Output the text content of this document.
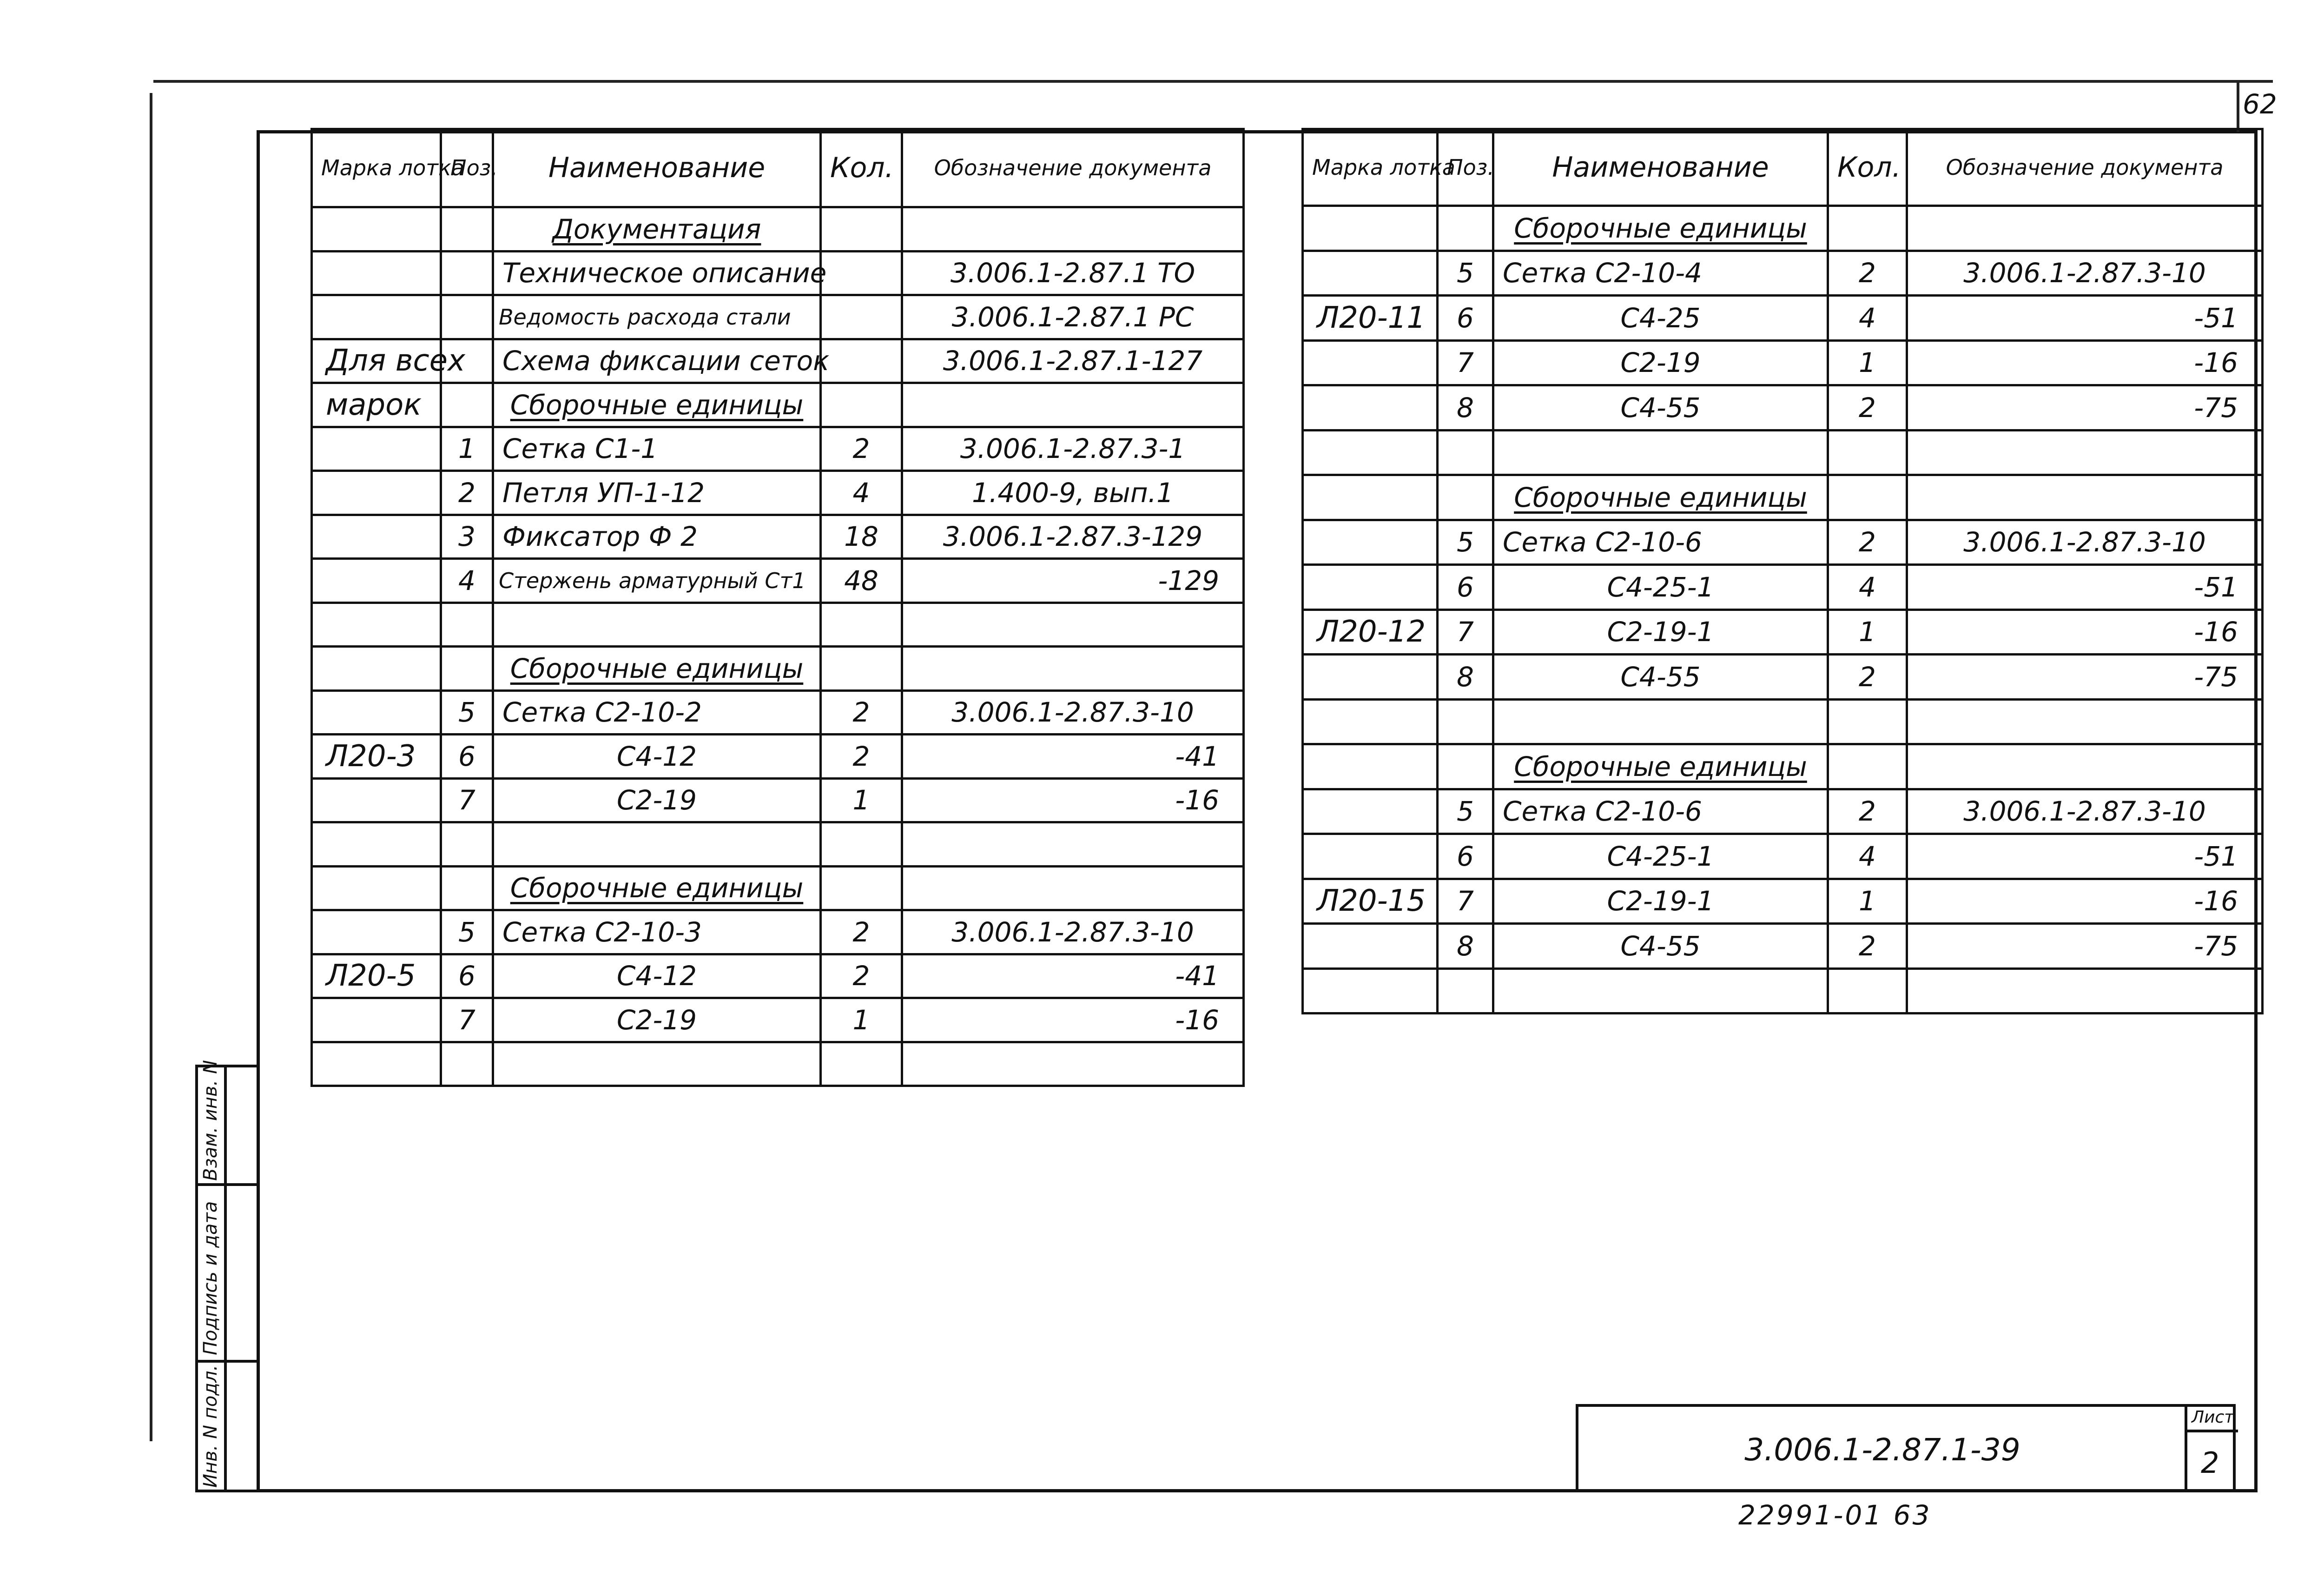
62
Взам. инв. N
Подпись и дата
Инв. N подл.
Марка лотка	Поз.	Наименование	Кол.	Обозначение документа
		Документация		
		Техническое описание		3.006.1-2.87.1 ТО
		Ведомость расхода стали		3.006.1-2.87.1 РС
Для всех		Схема фиксации сеток		3.006.1-2.87.1-127
марок		Сборочные единицы		
	1	Сетка С1-1	2	3.006.1-2.87.3-1
	2	Петля УП-1-12	4	1.400-9, вып.1
	3	Фиксатор Ф 2	18	3.006.1-2.87.3-129
	4	Стержень арматурный Ст1	48	-129

		Сборочные единицы		
	5	Сетка С2-10-2	2	3.006.1-2.87.3-10
Л20-3	6	С4-12	2	-41
	7	С2-19	1	-16

		Сборочные единицы		
	5	Сетка С2-10-3	2	3.006.1-2.87.3-10
Л20-5	6	С4-12	2	-41
	7	С2-19	1	-16

Марка лотка	Поз.	Наименование	Кол.	Обозначение документа
		Сборочные единицы		
	5	Сетка С2-10-4	2	3.006.1-2.87.3-10
Л20-11	6	С4-25	4	-51
	7	С2-19	1	-16
	8	С4-55	2	-75

		Сборочные единицы		
	5	Сетка С2-10-6	2	3.006.1-2.87.3-10
	6	С4-25-1	4	-51
Л20-12	7	С2-19-1	1	-16
	8	С4-55	2	-75

		Сборочные единицы		
	5	Сетка С2-10-6	2	3.006.1-2.87.3-10
	6	С4-25-1	4	-51
Л20-15	7	С2-19-1	1	-16
	8	С4-55	2	-75

3.006.1-2.87.1-39
Лист
2
22991-01 63
